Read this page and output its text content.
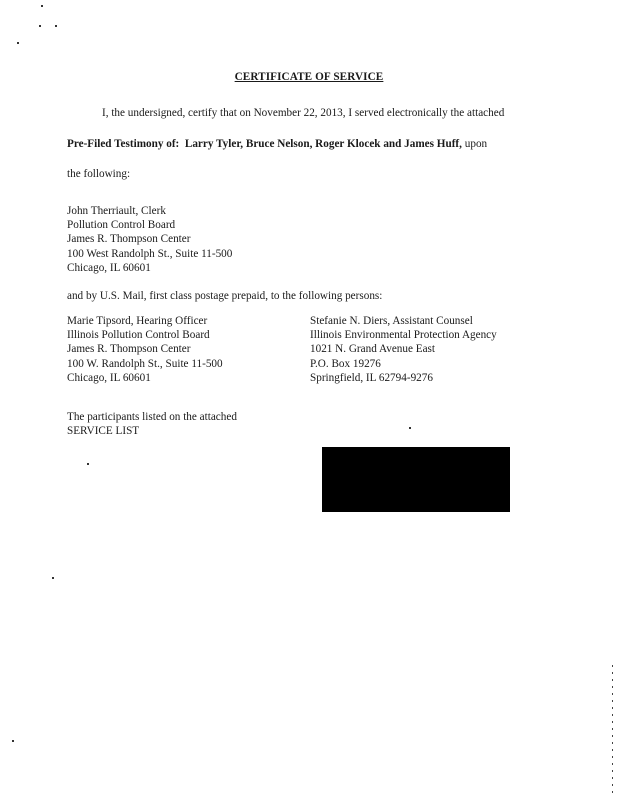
CERTIFICATE OF SERVICE
I, the undersigned, certify that on November 22, 2013, I served electronically the attached
Pre-Filed Testimony of: Larry Tyler, Bruce Nelson, Roger Klocek and James Huff, upon
the following:
John Therriault, Clerk
Pollution Control Board
James R. Thompson Center
100 West Randolph St., Suite 11-500
Chicago, IL 60601
and by U.S. Mail, first class postage prepaid, to the following persons:
Marie Tipsord, Hearing Officer
Illinois Pollution Control Board
James R. Thompson Center
100 W. Randolph St., Suite 11-500
Chicago, IL 60601
Stefanie N. Diers, Assistant Counsel
Illinois Environmental Protection Agency
1021 N. Grand Avenue East
P.O. Box 19276
Springfield, IL 62794-9276
The participants listed on the attached
SERVICE LIST
